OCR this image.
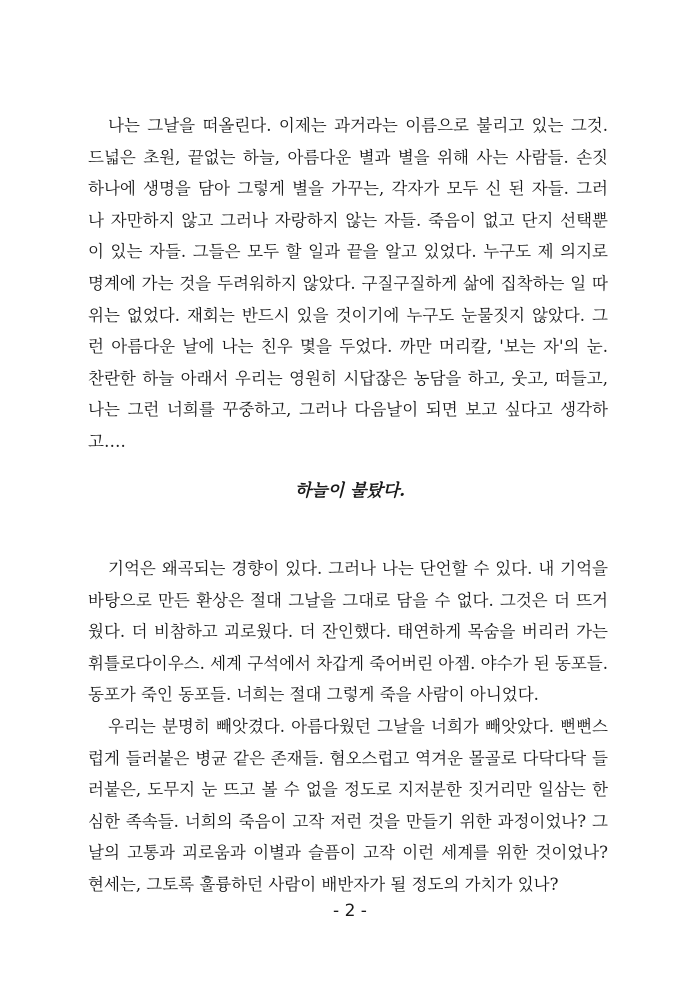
나는 그날을 떠올린다. 이제는 과거라는 이름으로 불리고 있는 그것.
드넓은 초원, 끝없는 하늘, 아름다운 별과 별을 위해 사는 사람들. 손짓
하나에 생명을 담아 그렇게 별을 가꾸는, 각자가 모두 신 된 자들. 그러
나 자만하지 않고 그러나 자랑하지 않는 자들. 죽음이 없고 단지 선택뿐
이 있는 자들. 그들은 모두 할 일과 끝을 알고 있었다. 누구도 제 의지로
명계에 가는 것을 두려워하지 않았다. 구질구질하게 삶에 집착하는 일 따
위는 없었다. 재회는 반드시 있을 것이기에 누구도 눈물짓지 않았다. 그
런 아름다운 날에 나는 친우 몇을 두었다. 까만 머리칼, '보는 자'의 눈.
찬란한 하늘 아래서 우리는 영원히 시답잖은 농담을 하고, 웃고, 떠들고,
나는 그런 너희를 꾸중하고, 그러나 다음날이 되면 보고 싶다고 생각하
고….
하늘이 불탔다.
기억은 왜곡되는 경향이 있다. 그러나 나는 단언할 수 있다. 내 기억을
바탕으로 만든 환상은 절대 그날을 그대로 담을 수 없다. 그것은 더 뜨거
웠다. 더 비참하고 괴로웠다. 더 잔인했다. 태연하게 목숨을 버리러 가는
휘틀로다이우스. 세계 구석에서 차갑게 죽어버린 아젬. 야수가 된 동포들.
동포가 죽인 동포들. 너희는 절대 그렇게 죽을 사람이 아니었다.
우리는 분명히 빼앗겼다. 아름다웠던 그날을 너희가 빼앗았다. 뻔뻔스
럽게 들러붙은 병균 같은 존재들. 혐오스럽고 역겨운 몰골로 다닥다닥 들
러붙은, 도무지 눈 뜨고 볼 수 없을 정도로 지저분한 짓거리만 일삼는 한
심한 족속들. 너희의 죽음이 고작 저런 것을 만들기 위한 과정이었나? 그
날의 고통과 괴로움과 이별과 슬픔이 고작 이런 세계를 위한 것이었나?
현세는, 그토록 훌륭하던 사람이 배반자가 될 정도의 가치가 있나?
- 2 -
